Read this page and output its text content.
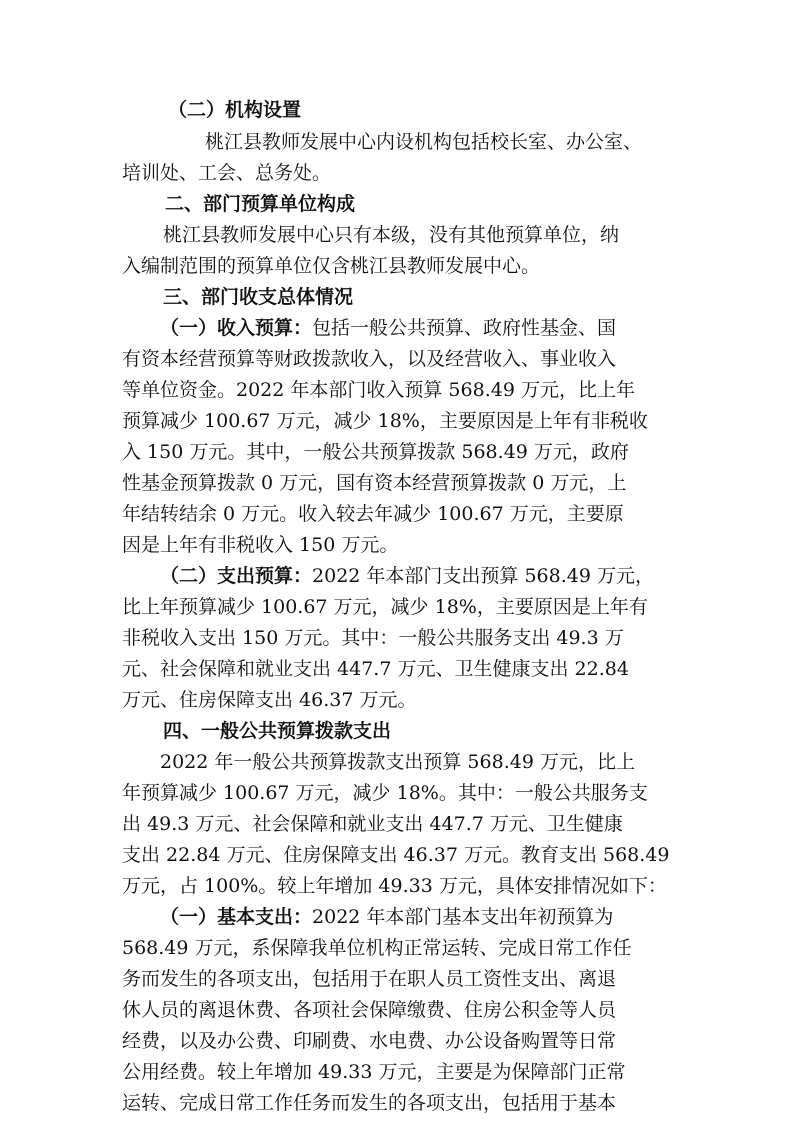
（二）机构设置
桃江县教师发展中心内设机构包括校长室、办公室、
培训处、工会、总务处。
二、部门预算单位构成
桃江县教师发展中心只有本级，没有其他预算单位，纳
入编制范围的预算单位仅含桃江县教师发展中心。
三、部门收支总体情况
（一）收入预算：包括一般公共预算、政府性基金、国
有资本经营预算等财政拨款收入，以及经营收入、事业收入
等单位资金。2022 年本部门收入预算 568.49 万元，比上年
预算减少 100.67 万元，减少 18%，主要原因是上年有非税收
入 150 万元。其中，一般公共预算拨款 568.49 万元，政府
性基金预算拨款 0 万元，国有资本经营预算拨款 0 万元，上
年结转结余 0 万元。收入较去年减少 100.67 万元，主要原
因是上年有非税收入 150 万元。
（二）支出预算：2022 年本部门支出预算 568.49 万元，
比上年预算减少 100.67 万元，减少 18%，主要原因是上年有
非税收入支出 150 万元。其中：一般公共服务支出 49.3 万
元、社会保障和就业支出 447.7 万元、卫生健康支出 22.84
万元、住房保障支出 46.37 万元。
四、一般公共预算拨款支出
2022 年一般公共预算拨款支出预算 568.49 万元，比上
年预算减少 100.67 万元，减少 18%。其中：一般公共服务支
出 49.3 万元、社会保障和就业支出 447.7 万元、卫生健康
支出 22.84 万元、住房保障支出 46.37 万元。教育支出 568.49
万元，占 100%。较上年增加 49.33 万元，具体安排情况如下：
（一）基本支出：2022 年本部门基本支出年初预算为
568.49 万元，系保障我单位机构正常运转、完成日常工作任
务而发生的各项支出，包括用于在职人员工资性支出、离退
休人员的离退休费、各项社会保障缴费、住房公积金等人员
经费，以及办公费、印刷费、水电费、办公设备购置等日常
公用经费。较上年增加 49.33 万元，主要是为保障部门正常
运转、完成日常工作任务而发生的各项支出，包括用于基本
